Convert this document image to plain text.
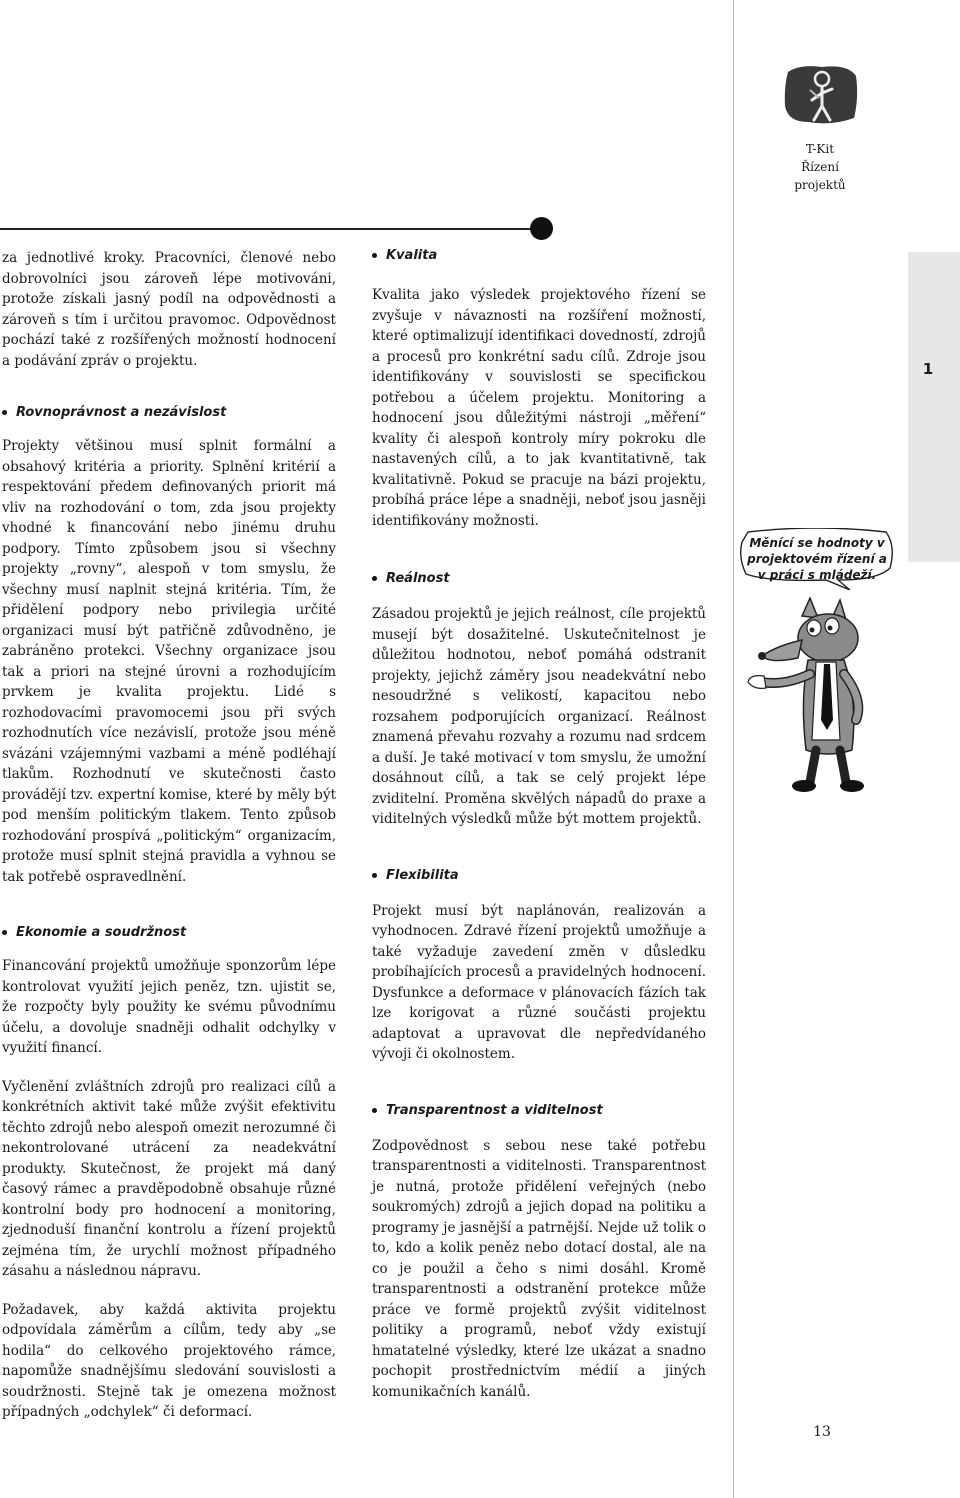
T-Kit
Řízení
projektů
1

za jednotlivé kroky. Pracovníci, členové nebo dobrovolníci jsou zároveň lépe motivováni, protože získali jasný podíl na odpovědnosti a zároveň s tím i určitou pravomoc. Odpovědnost pochází také z rozšířených možností hodnocení a podávání zpráv o projektu.

Rovnoprávnost a nezávislost

Projekty většinou musí splnit formální a obsahový kritéria a priority. Splnění kritérií a respektování předem definovaných priorit má vliv na rozhodování o tom, zda jsou projekty vhodné k financování nebo jinému druhu podpory. Tímto způsobem jsou si všechny projekty „rovny“, alespoň v tom smyslu, že všechny musí naplnit stejná kritéria. Tím, že přidělení podpory nebo privilegia určité organizaci musí být patřičně zdůvodněno, je zabráněno protekci. Všechny organizace jsou tak a priori na stejné úrovni a rozhodujícím prvkem je kvalita projektu. Lidé s rozhodovacími pravomocemi jsou při svých rozhodnutích více nezávislí, protože jsou méně svázáni vzájemnými vazbami a méně podléhají tlakům. Rozhodnutí ve skutečnosti často provádějí tzv. expertní komise, které by měly být pod menším politickým tlakem. Tento způsob rozhodování prospívá „politickým“ organizacím, protože musí splnit stejná pravidla a vyhnou se tak potřebě ospravedlnění.

Ekonomie a soudržnost

Financování projektů umožňuje sponzorům lépe kontrolovat využití jejich peněz, tzn. ujistit se, že rozpočty byly použity ke svému původnímu účelu, a dovoluje snadněji odhalit odchylky v využití financí.

Vyčlenění zvláštních zdrojů pro realizaci cílů a konkrétních aktivit také může zvýšit efektivitu těchto zdrojů nebo alespoň omezit nerozumné či nekontrolované utrácení za neadekvátní produkty. Skutečnost, že projekt má daný časový rámec a pravděpodobně obsahuje různé kontrolní body pro hodnocení a monitoring, zjednoduší finanční kontrolu a řízení projektů zejména tím, že urychlí možnost případného zásahu a následnou nápravu.

Požadavek, aby každá aktivita projektu odpovídala záměrům a cílům, tedy aby „se hodila“ do celkového projektového rámce, napomůže snadnějšímu sledování souvislosti a soudržnosti. Stejně tak je omezena možnost případných „odchylek“ či deformací.

Kvalita

Kvalita jako výsledek projektového řízení se zvyšuje v návaznosti na rozšíření možností, které optimalizují identifikaci dovedností, zdrojů a procesů pro konkrétní sadu cílů. Zdroje jsou identifikovány v souvislosti se specifickou potřebou a účelem projektu. Monitoring a hodnocení jsou důležitými nástroji „měření“ kvality či alespoň kontroly míry pokroku dle nastavených cílů, a to jak kvantitativně, tak kvalitativně. Pokud se pracuje na bázi projektu, probíhá práce lépe a snadněji, neboť jsou jasněji identifikovány možnosti.

Reálnost

Zásadou projektů je jejich reálnost, cíle projektů musejí být dosažitelné. Uskutečnitelnost je důležitou hodnotou, neboť pomáhá odstranit projekty, jejichž záměry jsou neadekvátní nebo nesoudržné s velikostí, kapacitou nebo rozsahem podporujících organizací. Reálnost znamená převahu rozvahy a rozumu nad srdcem a duší. Je také motivací v tom smyslu, že umožní dosáhnout cílů, a tak se celý projekt lépe zviditelní. Proměna skvělých nápadů do praxe a viditelných výsledků může být mottem projektů.

Flexibilita

Projekt musí být naplánován, realizován a vyhodnocen. Zdravé řízení projektů umožňuje a také vyžaduje zavedení změn v důsledku probíhajících procesů a pravidelných hodnocení. Dysfunkce a deformace v plánovacích fázích tak lze korigovat a různé součásti projektu adaptovat a upravovat dle nepředvídaného vývoji či okolnostem.

Transparentnost a viditelnost

Zodpovědnost s sebou nese také potřebu transparentnosti a viditelnosti. Transparentnost je nutná, protože přidělení veřejných (nebo soukromých) zdrojů a jejich dopad na politiku a programy je jasnější a patrnější. Nejde už tolik o to, kdo a kolik peněz nebo dotací dostal, ale na co je použil a čeho s nimi dosáhl. Kromě transparentnosti a odstranění protekce může práce ve formě projektů zvýšit viditelnost politiky a programů, neboť vždy existují hmatatelné výsledky, které lze ukázat a snadno pochopit prostřednictvím médií a jiných komunikačních kanálů.

Měnící se hodnoty v projektovém řízení a v práci s mládeží.
13
